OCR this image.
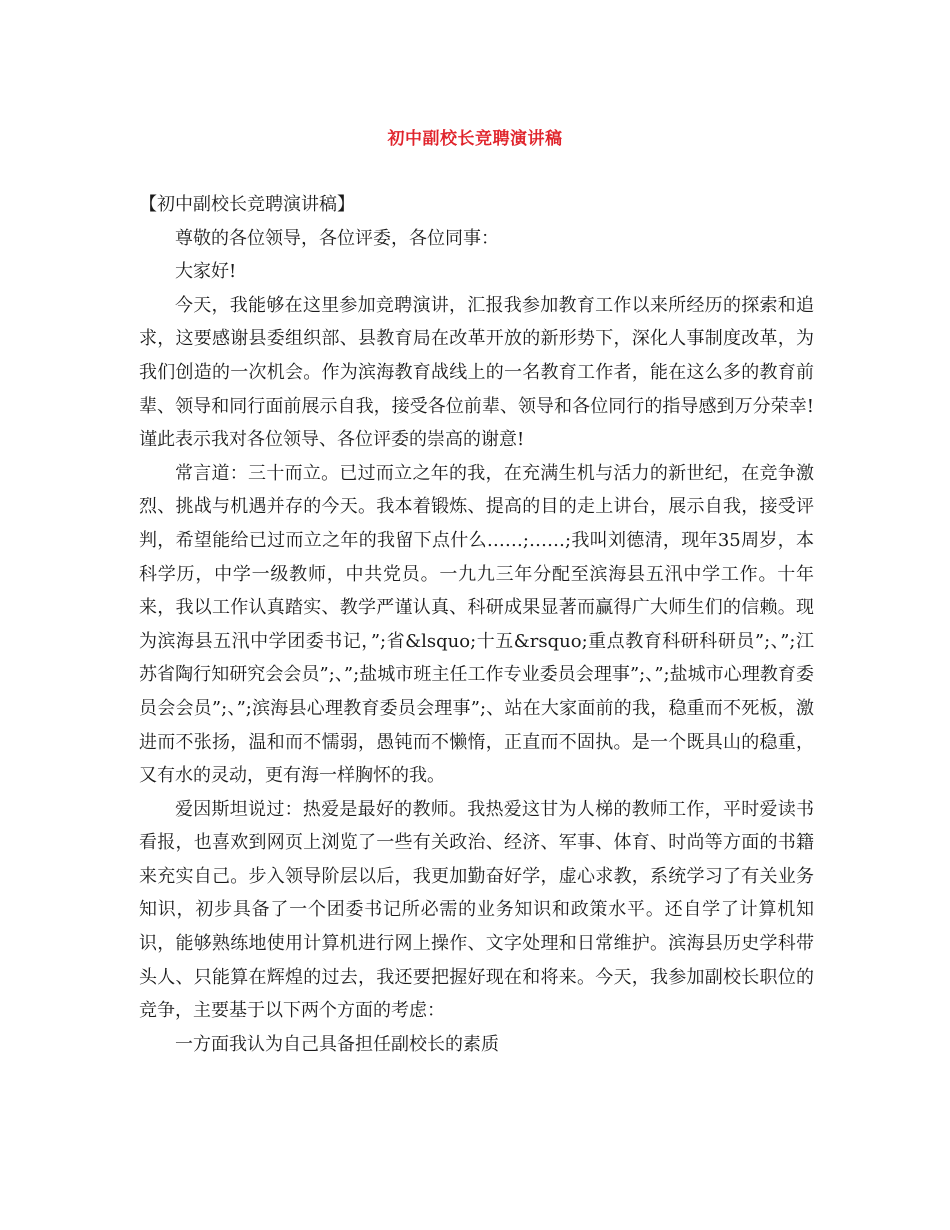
初中副校长竞聘演讲稿

【初中副校长竞聘演讲稿】

尊敬的各位领导，各位评委，各位同事：

大家好!

今天，我能够在这里参加竞聘演讲，汇报我参加教育工作以来所经历的探索和追求，这要感谢县委组织部、县教育局在改革开放的新形势下，深化人事制度改革，为我们创造的一次机会。作为滨海教育战线上的一名教育工作者，能在这么多的教育前辈、领导和同行面前展示自我，接受各位前辈、领导和各位同行的指导感到万分荣幸!谨此表示我对各位领导、各位评委的崇高的谢意!

常言道：三十而立。已过而立之年的我，在充满生机与活力的新世纪，在竞争激烈、挑战与机遇并存的今天。我本着锻炼、提高的目的走上讲台，展示自我，接受评判，希望能给已过而立之年的我留下点什么……;……;我叫刘德清，现年35周岁，本科学历，中学一级教师，中共党员。一九九三年分配至滨海县五汛中学工作。十年来，我以工作认真踏实、教学严谨认真、科研成果显著而赢得广大师生们的信赖。现为滨海县五汛中学团委书记，”;省&lsquo;十五&rsquo;重点教育科研科研员”;、”;江苏省陶行知研究会会员”;、”;盐城市班主任工作专业委员会理事”;、”;盐城市心理教育委员会会员”;、”;滨海县心理教育委员会理事”;、站在大家面前的我，稳重而不死板，激进而不张扬，温和而不懦弱，愚钝而不懒惰，正直而不固执。是一个既具山的稳重，又有水的灵动，更有海一样胸怀的我。

爱因斯坦说过：热爱是最好的教师。我热爱这甘为人梯的教师工作，平时爱读书看报，也喜欢到网页上浏览了一些有关政治、经济、军事、体育、时尚等方面的书籍来充实自己。步入领导阶层以后，我更加勤奋好学，虚心求教，系统学习了有关业务知识，初步具备了一个团委书记所必需的业务知识和政策水平。还自学了计算机知识，能够熟练地使用计算机进行网上操作、文字处理和日常维护。滨海县历史学科带头人、只能算在辉煌的过去，我还要把握好现在和将来。今天，我参加副校长职位的竞争，主要基于以下两个方面的考虑：

一方面我认为自己具备担任副校长的素质
